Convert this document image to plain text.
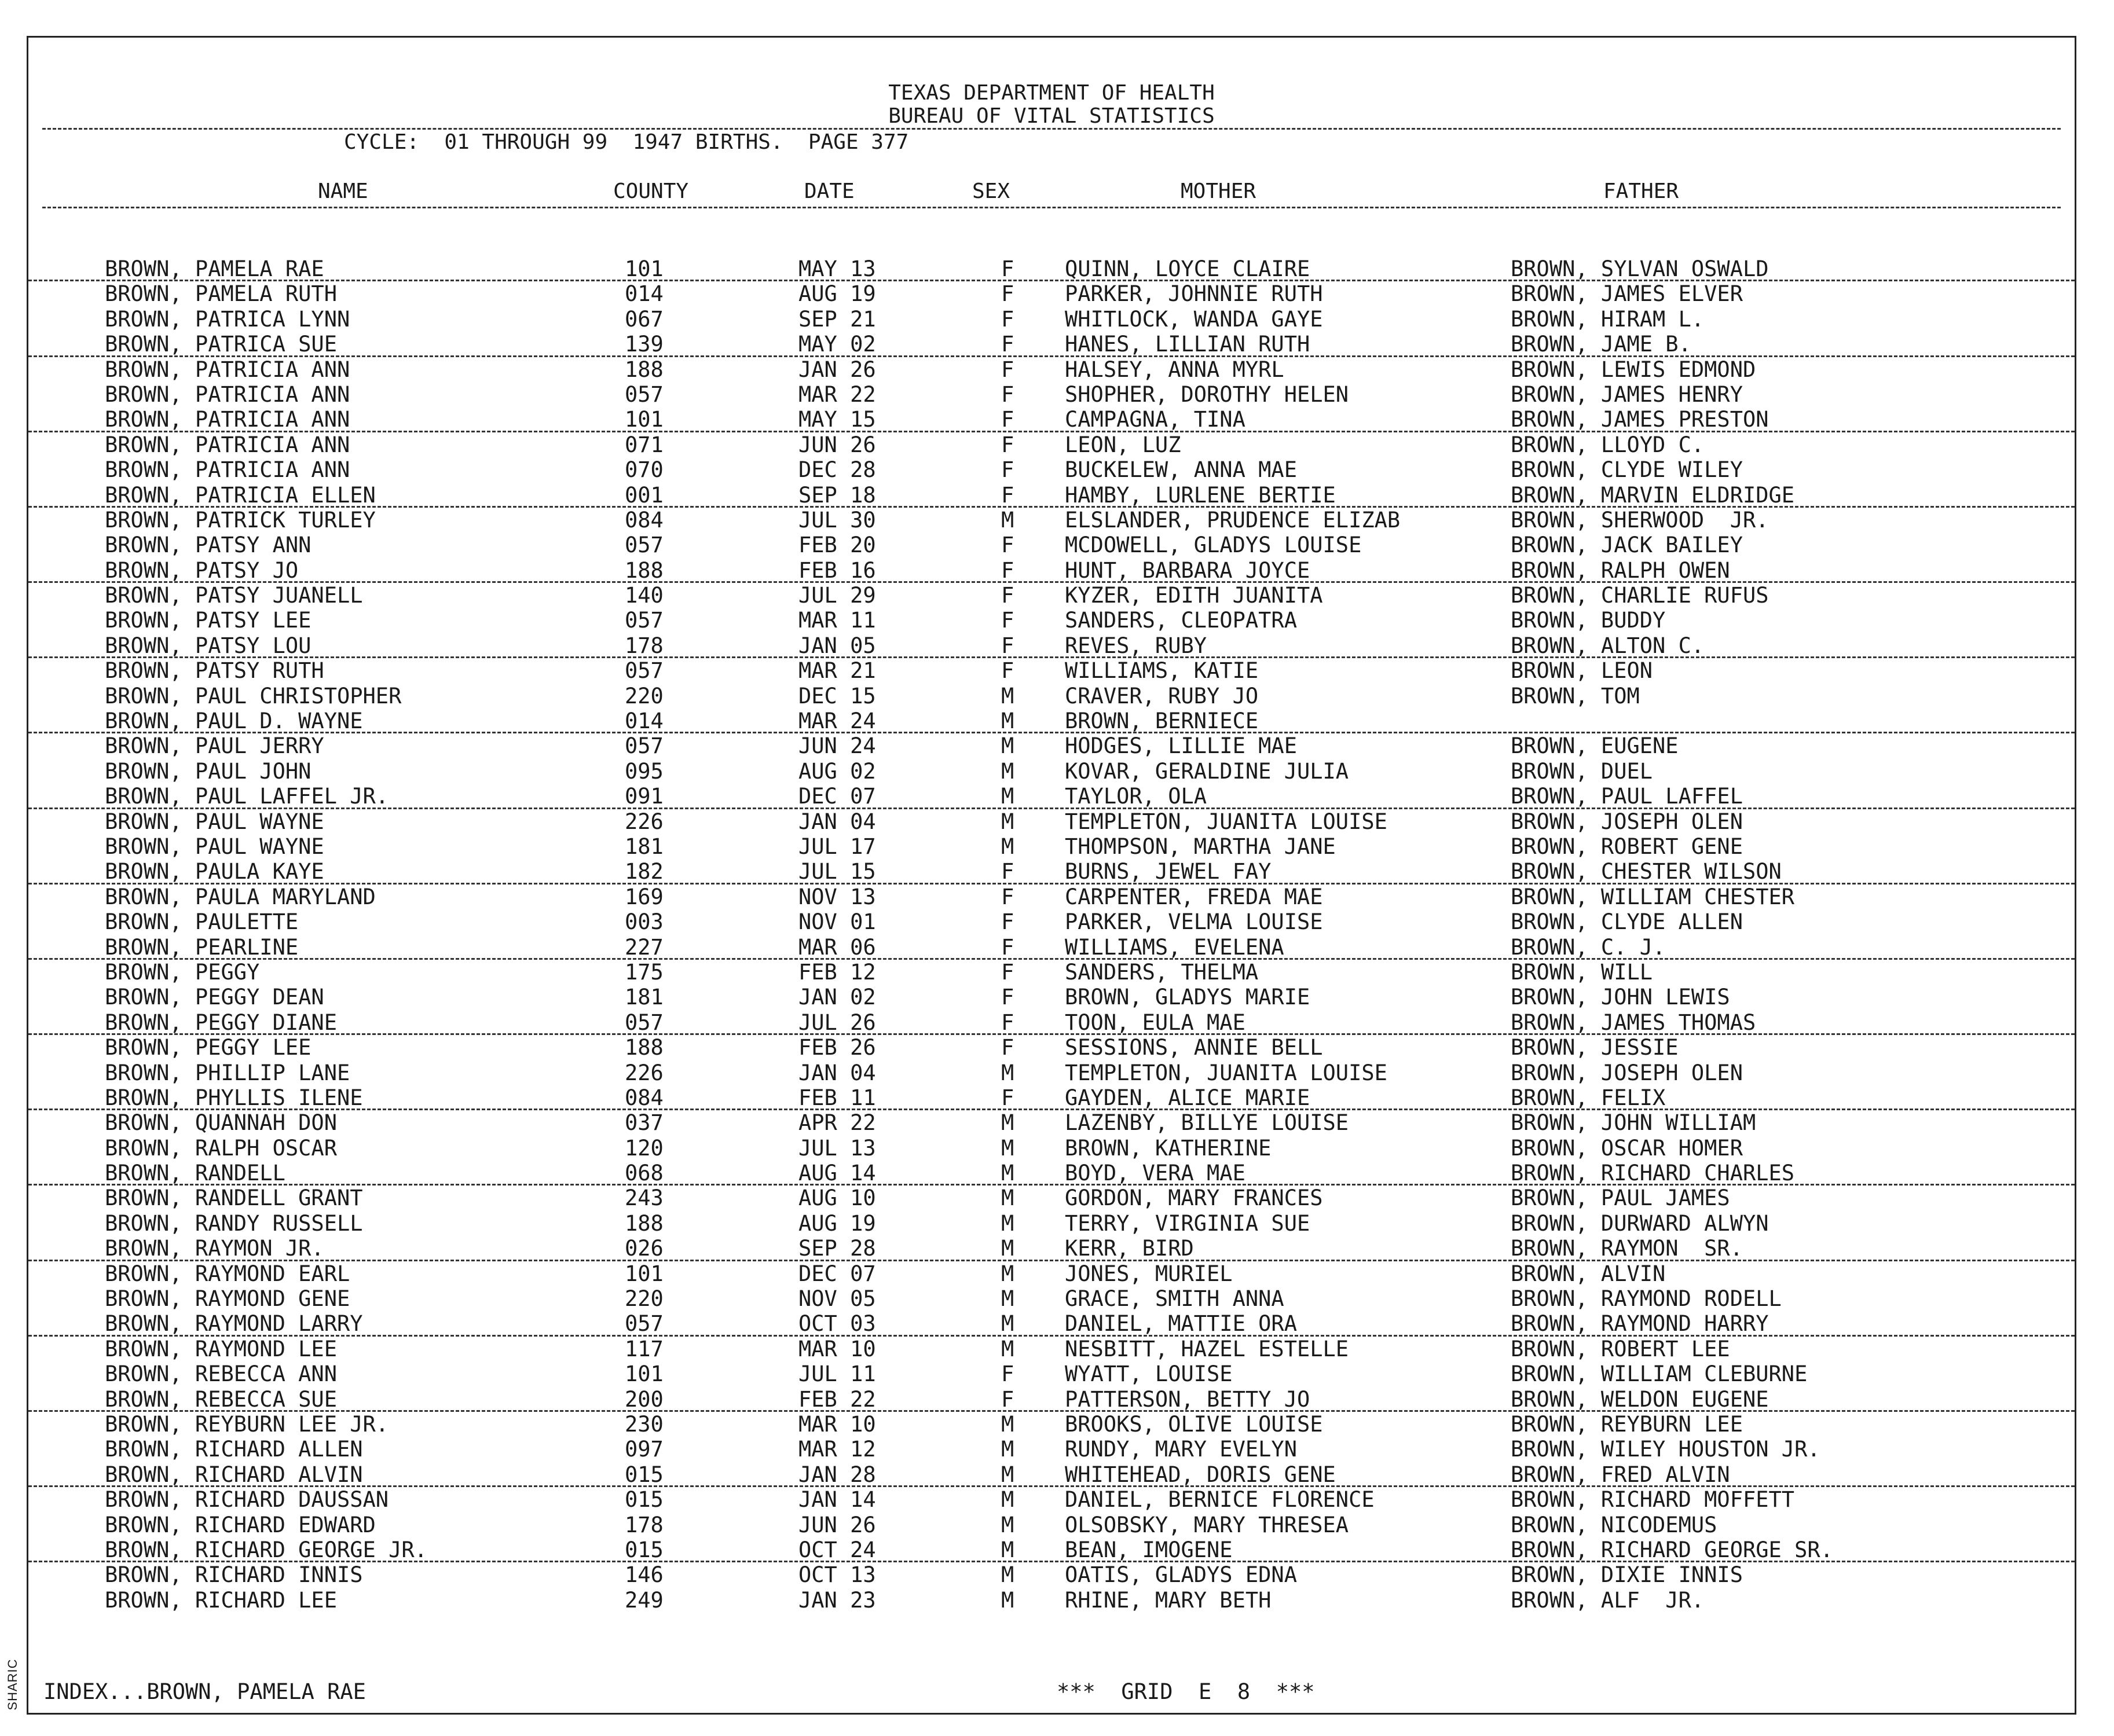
SHARIC
TEXAS DEPARTMENT OF HEALTH
BUREAU OF VITAL STATISTICS
CYCLE:  01 THROUGH 99  1947 BIRTHS.  PAGE 377
NAME	COUNTY	DATE	SEX	MOTHER	FATHER
BROWN, PAMELA RAE	101	MAY 13	F QUINN, LOYCE CLAIRE	BROWN, SYLVAN OSWALD
BROWN, PAMELA RUTH	014	AUG 19	F PARKER, JOHNNIE RUTH	BROWN, JAMES ELVER
BROWN, PATRICA LYNN	067	SEP 21	F WHITLOCK, WANDA GAYE	BROWN, HIRAM L.
BROWN, PATRICA SUE	139	MAY 02	F HANES, LILLIAN RUTH	BROWN, JAME B.
BROWN, PATRICIA ANN	188	JAN 26	F HALSEY, ANNA MYRL	BROWN, LEWIS EDMOND
BROWN, PATRICIA ANN	057	MAR 22	F SHOPHER, DOROTHY HELEN	BROWN, JAMES HENRY
BROWN, PATRICIA ANN	101	MAY 15	F CAMPAGNA, TINA	BROWN, JAMES PRESTON
BROWN, PATRICIA ANN	071	JUN 26	F LEON, LUZ	BROWN, LLOYD C.
BROWN, PATRICIA ANN	070	DEC 28	F BUCKELEW, ANNA MAE	BROWN, CLYDE WILEY
BROWN, PATRICIA ELLEN	001	SEP 18	F HAMBY, LURLENE BERTIE	BROWN, MARVIN ELDRIDGE
BROWN, PATRICK TURLEY	084	JUL 30	M ELSLANDER, PRUDENCE ELIZAB	BROWN, SHERWOOD  JR.
BROWN, PATSY ANN	057	FEB 20	F MCDOWELL, GLADYS LOUISE	BROWN, JACK BAILEY
BROWN, PATSY JO	188	FEB 16	F HUNT, BARBARA JOYCE	BROWN, RALPH OWEN
BROWN, PATSY JUANELL	140	JUL 29	F KYZER, EDITH JUANITA	BROWN, CHARLIE RUFUS
BROWN, PATSY LEE	057	MAR 11	F SANDERS, CLEOPATRA	BROWN, BUDDY
BROWN, PATSY LOU	178	JAN 05	F REVES, RUBY	BROWN, ALTON C.
BROWN, PATSY RUTH	057	MAR 21	F WILLIAMS, KATIE	BROWN, LEON
BROWN, PAUL CHRISTOPHER	220	DEC 15	M CRAVER, RUBY JO	BROWN, TOM
BROWN, PAUL D. WAYNE	014	MAR 24	M BROWN, BERNIECE
BROWN, PAUL JERRY	057	JUN 24	M HODGES, LILLIE MAE	BROWN, EUGENE
BROWN, PAUL JOHN	095	AUG 02	M KOVAR, GERALDINE JULIA	BROWN, DUEL
BROWN, PAUL LAFFEL JR.	091	DEC 07	M TAYLOR, OLA	BROWN, PAUL LAFFEL
BROWN, PAUL WAYNE	226	JAN 04	M TEMPLETON, JUANITA LOUISE	BROWN, JOSEPH OLEN
BROWN, PAUL WAYNE	181	JUL 17	M THOMPSON, MARTHA JANE	BROWN, ROBERT GENE
BROWN, PAULA KAYE	182	JUL 15	F BURNS, JEWEL FAY	BROWN, CHESTER WILSON
BROWN, PAULA MARYLAND	169	NOV 13	F CARPENTER, FREDA MAE	BROWN, WILLIAM CHESTER
BROWN, PAULETTE	003	NOV 01	F PARKER, VELMA LOUISE	BROWN, CLYDE ALLEN
BROWN, PEARLINE	227	MAR 06	F WILLIAMS, EVELENA	BROWN, C. J.
BROWN, PEGGY	175	FEB 12	F SANDERS, THELMA	BROWN, WILL
BROWN, PEGGY DEAN	181	JAN 02	F BROWN, GLADYS MARIE	BROWN, JOHN LEWIS
BROWN, PEGGY DIANE	057	JUL 26	F TOON, EULA MAE	BROWN, JAMES THOMAS
BROWN, PEGGY LEE	188	FEB 26	F SESSIONS, ANNIE BELL	BROWN, JESSIE
BROWN, PHILLIP LANE	226	JAN 04	M TEMPLETON, JUANITA LOUISE	BROWN, JOSEPH OLEN
BROWN, PHYLLIS ILENE	084	FEB 11	F GAYDEN, ALICE MARIE	BROWN, FELIX
BROWN, QUANNAH DON	037	APR 22	M LAZENBY, BILLYE LOUISE	BROWN, JOHN WILLIAM
BROWN, RALPH OSCAR	120	JUL 13	M BROWN, KATHERINE	BROWN, OSCAR HOMER
BROWN, RANDELL	068	AUG 14	M BOYD, VERA MAE	BROWN, RICHARD CHARLES
BROWN, RANDELL GRANT	243	AUG 10	M GORDON, MARY FRANCES	BROWN, PAUL JAMES
BROWN, RANDY RUSSELL	188	AUG 19	M TERRY, VIRGINIA SUE	BROWN, DURWARD ALWYN
BROWN, RAYMON JR.	026	SEP 28	M KERR, BIRD	BROWN, RAYMON  SR.
BROWN, RAYMOND EARL	101	DEC 07	M JONES, MURIEL	BROWN, ALVIN
BROWN, RAYMOND GENE	220	NOV 05	M GRACE, SMITH ANNA	BROWN, RAYMOND RODELL
BROWN, RAYMOND LARRY	057	OCT 03	M DANIEL, MATTIE ORA	BROWN, RAYMOND HARRY
BROWN, RAYMOND LEE	117	MAR 10	M NESBITT, HAZEL ESTELLE	BROWN, ROBERT LEE
BROWN, REBECCA ANN	101	JUL 11	F WYATT, LOUISE	BROWN, WILLIAM CLEBURNE
BROWN, REBECCA SUE	200	FEB 22	F PATTERSON, BETTY JO	BROWN, WELDON EUGENE
BROWN, REYBURN LEE JR.	230	MAR 10	M BROOKS, OLIVE LOUISE	BROWN, REYBURN LEE
BROWN, RICHARD ALLEN	097	MAR 12	M RUNDY, MARY EVELYN	BROWN, WILEY HOUSTON JR.
BROWN, RICHARD ALVIN	015	JAN 28	M WHITEHEAD, DORIS GENE	BROWN, FRED ALVIN
BROWN, RICHARD DAUSSAN	015	JAN 14	M DANIEL, BERNICE FLORENCE	BROWN, RICHARD MOFFETT
BROWN, RICHARD EDWARD	178	JUN 26	M OLSOBSKY, MARY THRESEA	BROWN, NICODEMUS
BROWN, RICHARD GEORGE JR.	015	OCT 24	M BEAN, IMOGENE	BROWN, RICHARD GEORGE SR.
BROWN, RICHARD INNIS	146	OCT 13	M OATIS, GLADYS EDNA	BROWN, DIXIE INNIS
BROWN, RICHARD LEE	249	JAN 23	M RHINE, MARY BETH	BROWN, ALF  JR.
INDEX...BROWN, PAMELA RAE	***  GRID  E  8  ***
